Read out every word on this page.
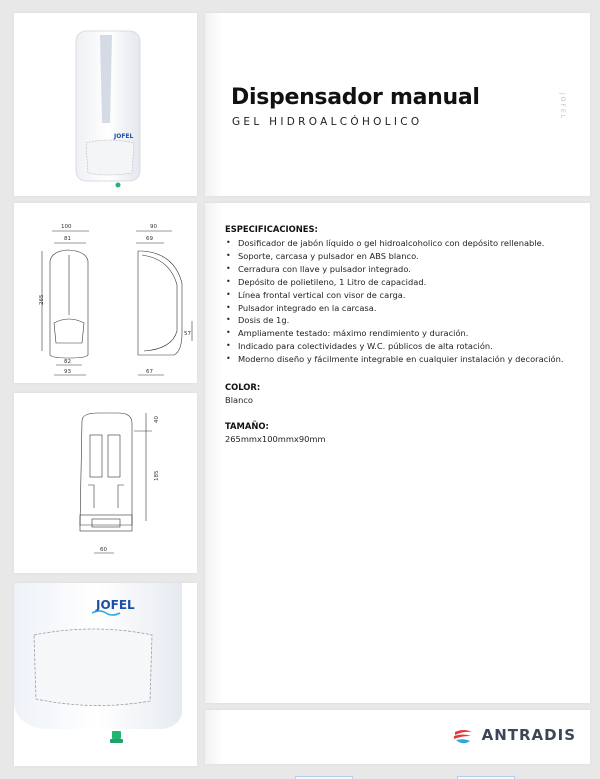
JOFEL
100
81
265
82
93
90
69
57
67
40
185
60
JOFEL
Dispensador manual
GEL HIDROALCÓHOLICO
JOFEL
ESPECIFICACIONES:
• Dosificador de jabón líquido o gel hidroalcoholico con depósito rellenable.
• Soporte, carcasa y pulsador en ABS blanco.
• Cerradura con llave y pulsador integrado.
• Depósito de polietileno, 1 Litro de capacidad.
• Línea frontal vertical con visor de carga.
• Pulsador integrado en la carcasa.
• Dosis de 1g.
• Ampliamente testado: máximo rendimiento y duración.
• Indicado para colectividades y W.C. públicos de alta rotación.
• Moderno diseño y fácilmente integrable en cualquier instalación y decoración.
COLOR:
Blanco
TAMAÑO:
265mmx100mmx90mm
ANTRADIS
